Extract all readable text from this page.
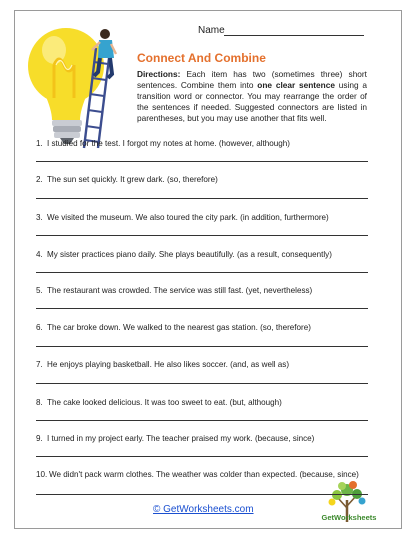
Name
Connect And Combine
Directions: Each item has two (sometimes three) short sentences. Combine them into one clear sentence using a transition word or connector. You may rearrange the order of the sentences if needed. Suggested connectors are listed in parentheses, but you may use another that fits well.
1. I studied for the test. I forgot my notes at home. (however, although)
2. The sun set quickly. It grew dark. (so, therefore)
3. We visited the museum. We also toured the city park. (in addition, furthermore)
4. My sister practices piano daily. She plays beautifully. (as a result, consequently)
5. The restaurant was crowded. The service was still fast. (yet, nevertheless)
6. The car broke down. We walked to the nearest gas station. (so, therefore)
7. He enjoys playing basketball. He also likes soccer. (and, as well as)
8. The cake looked delicious. It was too sweet to eat. (but, although)
9. I turned in my project early. The teacher praised my work. (because, since)
© GetWorksheets.com
GetWorksheets
10. We didn't pack warm clothes. The weather was colder than expected. (because, since)
